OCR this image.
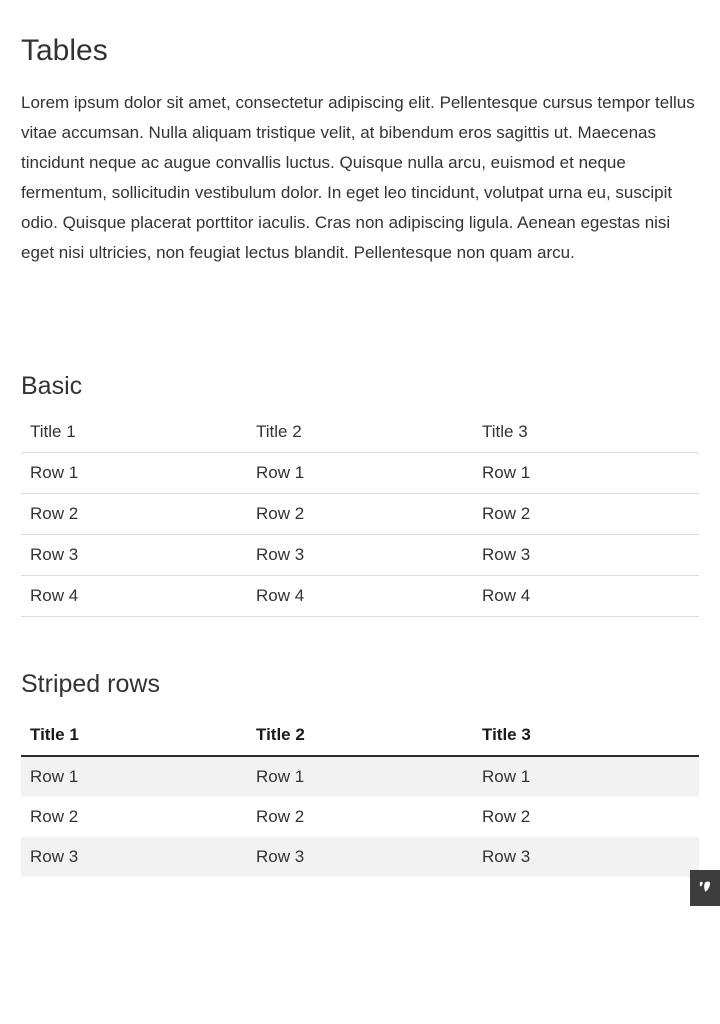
Tables

Lorem ipsum dolor sit amet, consectetur adipiscing elit. Pellentesque cursus tempor tellus vitae accumsan. Nulla aliquam tristique velit, at bibendum eros sagittis ut. Maecenas tincidunt neque ac augue convallis luctus. Quisque nulla arcu, euismod et neque fermentum, sollicitudin vestibulum dolor. In eget leo tincidunt, volutpat urna eu, suscipit odio. Quisque placerat porttitor iaculis. Cras non adipiscing ligula. Aenean egestas nisi eget nisi ultricies, non feugiat lectus blandit. Pellentesque non quam arcu.

Basic
Title 1	Title 2	Title 3
Row 1	Row 1	Row 1
Row 2	Row 2	Row 2
Row 3	Row 3	Row 3
Row 4	Row 4	Row 4
Striped rows
Title 1	Title 2	Title 3
Row 1	Row 1	Row 1
Row 2	Row 2	Row 2
Row 3	Row 3	Row 3
